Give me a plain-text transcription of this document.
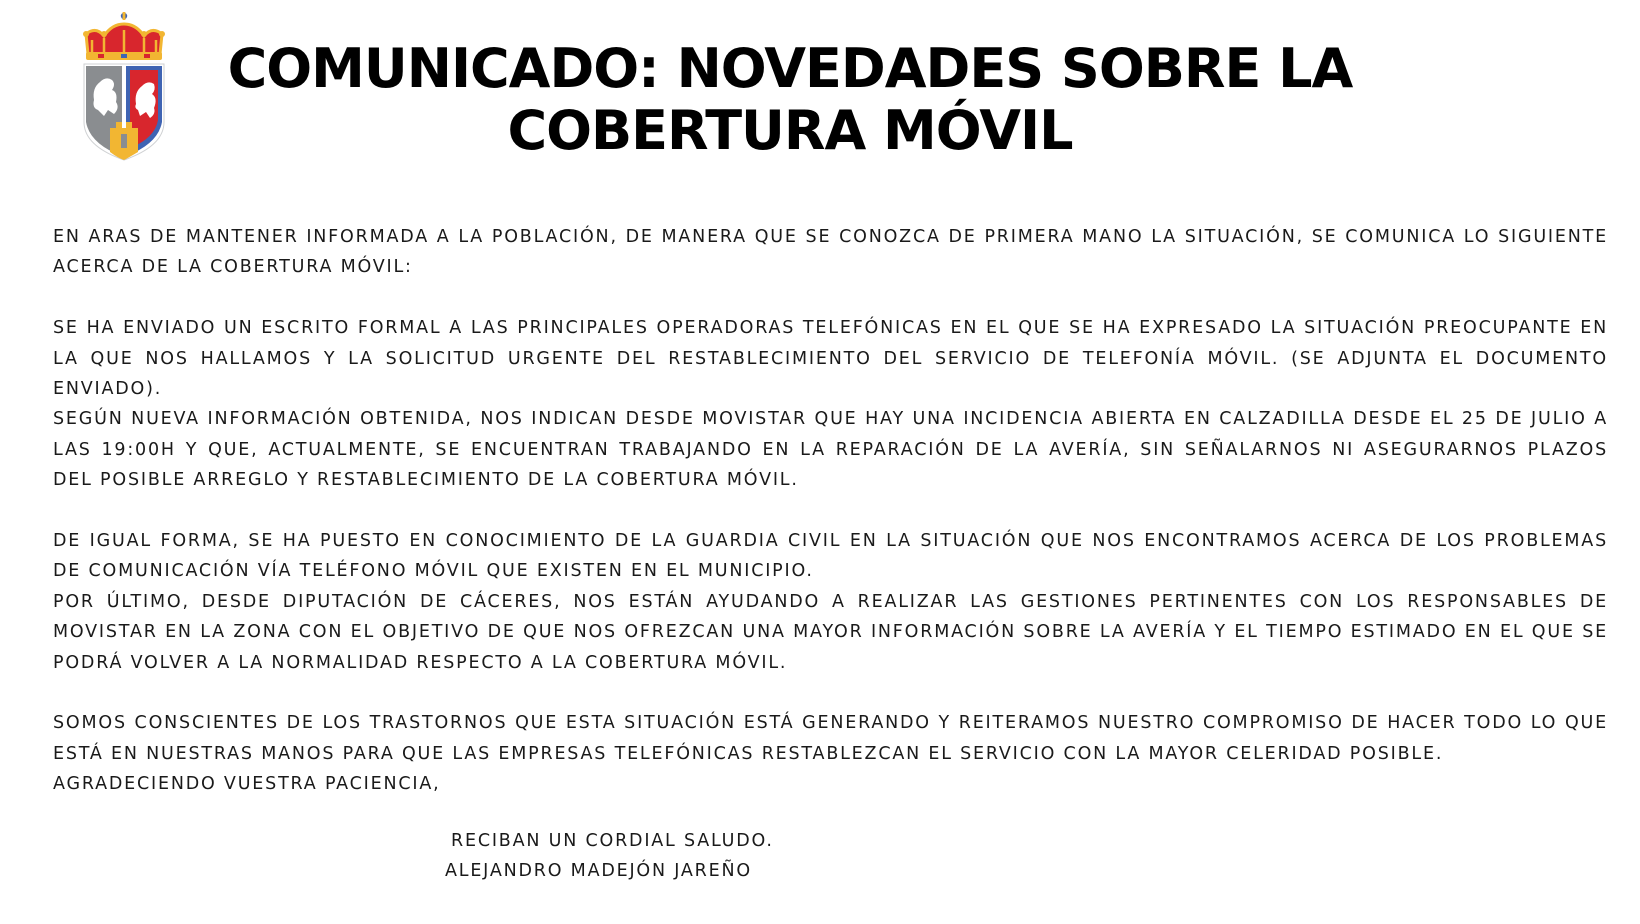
COMUNICADO: NOVEDADES SOBRE LA
COBERTURA MÓVIL

EN ARAS DE MANTENER INFORMADA A LA POBLACIÓN, DE MANERA QUE SE CONOZCA DE PRIMERA MANO LA SITUACIÓN, SE COMUNICA LO SIGUIENTE ACERCA DE LA COBERTURA MÓVIL:

SE HA ENVIADO UN ESCRITO FORMAL A LAS PRINCIPALES OPERADORAS TELEFÓNICAS EN EL QUE SE HA EXPRESADO LA SITUACIÓN PREOCUPANTE EN LA QUE NOS HALLAMOS Y LA SOLICITUD URGENTE DEL RESTABLECIMIENTO DEL SERVICIO DE TELEFONÍA MÓVIL. (SE ADJUNTA EL DOCUMENTO ENVIADO).

SEGÚN NUEVA INFORMACIÓN OBTENIDA, NOS INDICAN DESDE MOVISTAR QUE HAY UNA INCIDENCIA ABIERTA EN CALZADILLA DESDE EL 25 DE JULIO A LAS 19:00H Y QUE, ACTUALMENTE, SE ENCUENTRAN TRABAJANDO EN LA REPARACIÓN DE LA AVERÍA, SIN SEÑALARNOS NI ASEGURARNOS PLAZOS DEL POSIBLE ARREGLO Y RESTABLECIMIENTO DE LA COBERTURA MÓVIL.

DE IGUAL FORMA, SE HA PUESTO EN CONOCIMIENTO DE LA GUARDIA CIVIL EN LA SITUACIÓN QUE NOS ENCONTRAMOS ACERCA DE LOS PROBLEMAS DE COMUNICACIÓN VÍA TELÉFONO MÓVIL QUE EXISTEN EN EL MUNICIPIO.

POR ÚLTIMO, DESDE DIPUTACIÓN DE CÁCERES, NOS ESTÁN AYUDANDO A REALIZAR LAS GESTIONES PERTINENTES CON LOS RESPONSABLES DE MOVISTAR EN LA ZONA CON EL OBJETIVO DE QUE NOS OFREZCAN UNA MAYOR INFORMACIÓN SOBRE LA AVERÍA Y EL TIEMPO ESTIMADO EN EL QUE SE PODRÁ VOLVER A LA NORMALIDAD RESPECTO A LA COBERTURA MÓVIL.

SOMOS CONSCIENTES DE LOS TRASTORNOS QUE ESTA SITUACIÓN ESTÁ GENERANDO Y REITERAMOS NUESTRO COMPROMISO DE HACER TODO LO QUE ESTÁ EN NUESTRAS MANOS PARA QUE LAS EMPRESAS TELEFÓNICAS RESTABLEZCAN EL SERVICIO CON LA MAYOR CELERIDAD POSIBLE.

AGRADECIENDO VUESTRA PACIENCIA,

RECIBAN UN CORDIAL SALUDO.
ALEJANDRO MADEJÓN JAREÑO
